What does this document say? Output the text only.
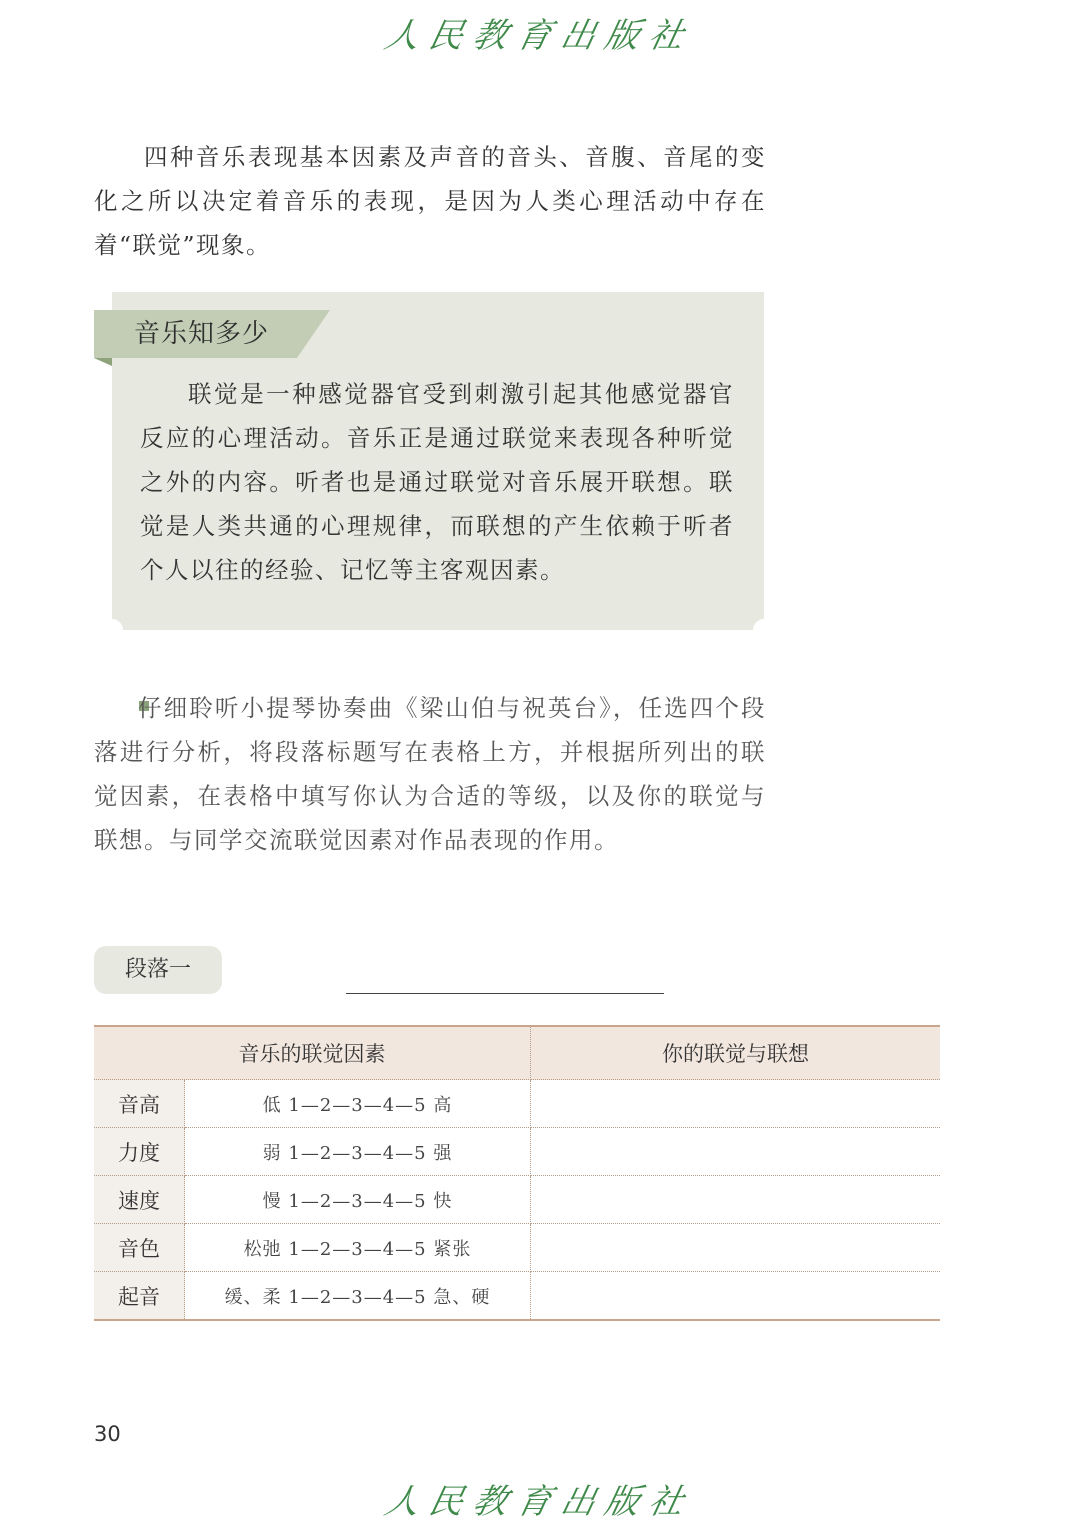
人民教育出版社

四种音乐表现基本因素及声音的音头、音腹、音尾的变化之所以决定着音乐的表现，是因为人类心理活动中存在着“联觉”现象。

音乐知多少

联觉是一种感觉器官受到刺激引起其他感觉器官反应的心理活动。音乐正是通过联觉来表现各种听觉之外的内容。听者也是通过联觉对音乐展开联想。联觉是人类共通的心理规律，而联想的产生依赖于听者个人以往的经验、记忆等主客观因素。

仔细聆听小提琴协奏曲《梁山伯与祝英台》，任选四个段落进行分析，将段落标题写在表格上方，并根据所列出的联觉因素，在表格中填写你认为合适的等级，以及你的联觉与联想。与同学交流联觉因素对作品表现的作用。

段落一
音乐的联觉因素		你的联觉与联想
音高	低 1—2—3—4—5 高	
力度	弱 1—2—3—4—5 强	
速度	慢 1—2—3—4—5 快	
音色	松弛 1—2—3—4—5 紧张	
起音	缓、柔 1—2—3—4—5 急、硬	
30
人民教育出版社
